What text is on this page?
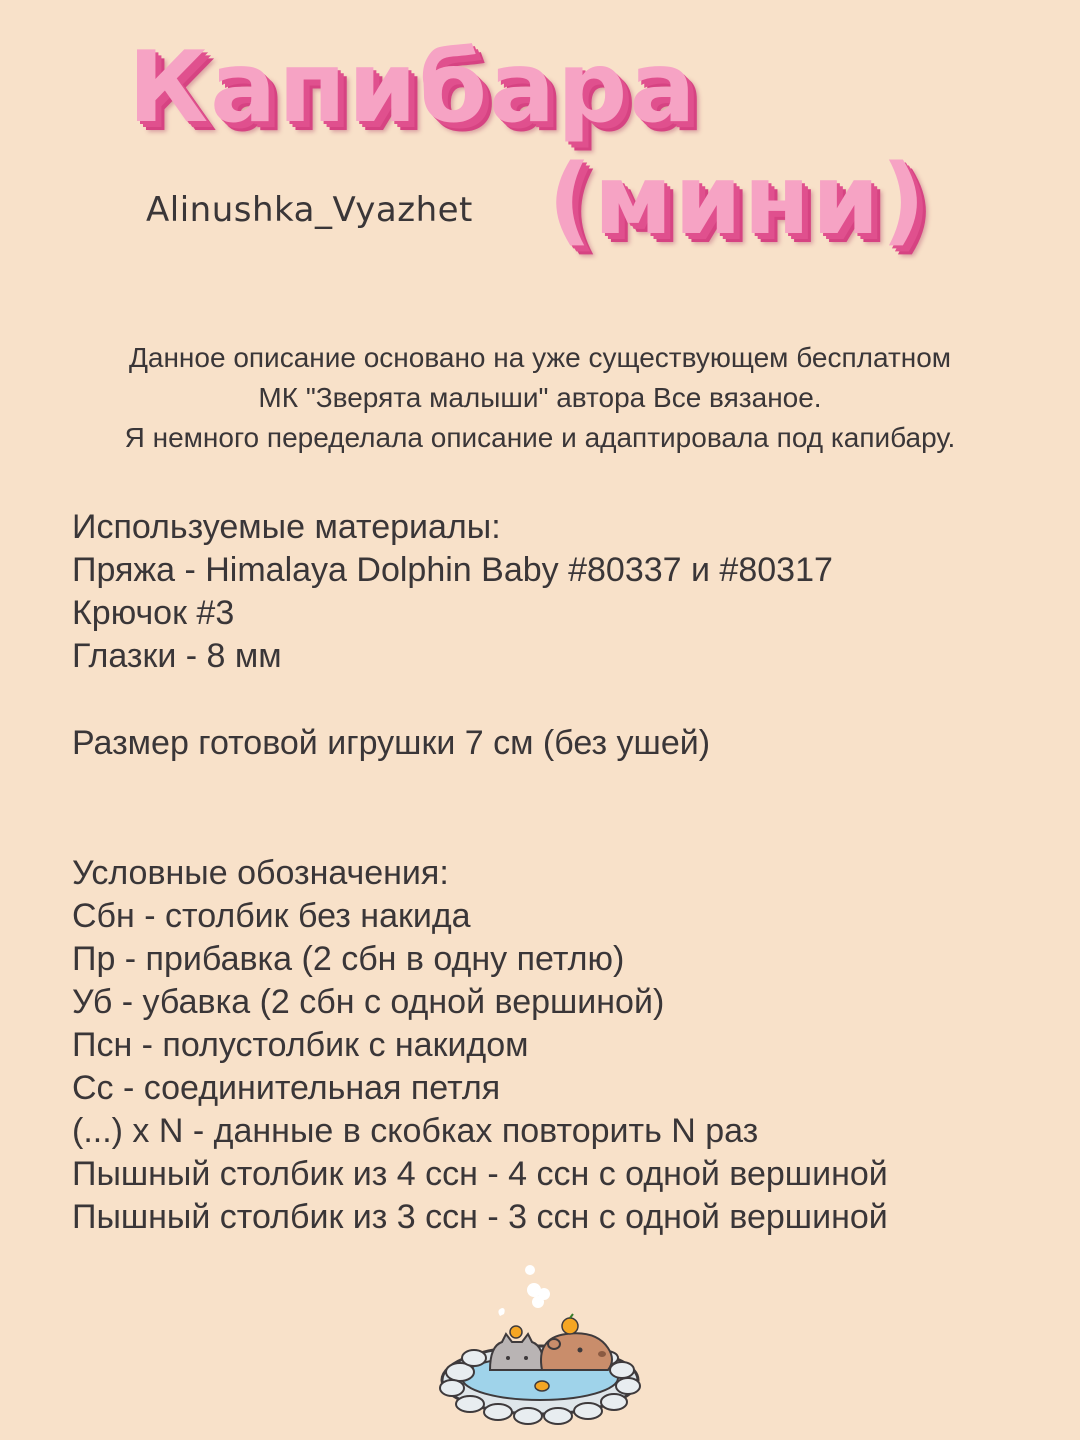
Капибара
(мини)
Alinushka_Vyazhet
Данное описание основано на уже существующем бесплатном
МК "Зверята малыши" автора Все вязаное.
Я немного переделала описание и адаптировала под капибару.
Используемые материалы:
Пряжа - Himalaya Dolphin Baby #80337 и #80317
Крючок #3
Глазки - 8 мм
Размер готовой игрушки 7 см (без ушей)
Условные обозначения:
Сбн - столбик без накида
Пр - прибавка (2 сбн в одну петлю)
Уб - убавка (2 сбн с одной вершиной)
Псн - полустолбик с накидом
Сс - соединительная петля
(...) x N - данные в скобках повторить N раз
Пышный столбик из 4 ссн - 4 ссн с одной вершиной
Пышный столбик из 3 ссн - 3 ссн с одной вершиной
